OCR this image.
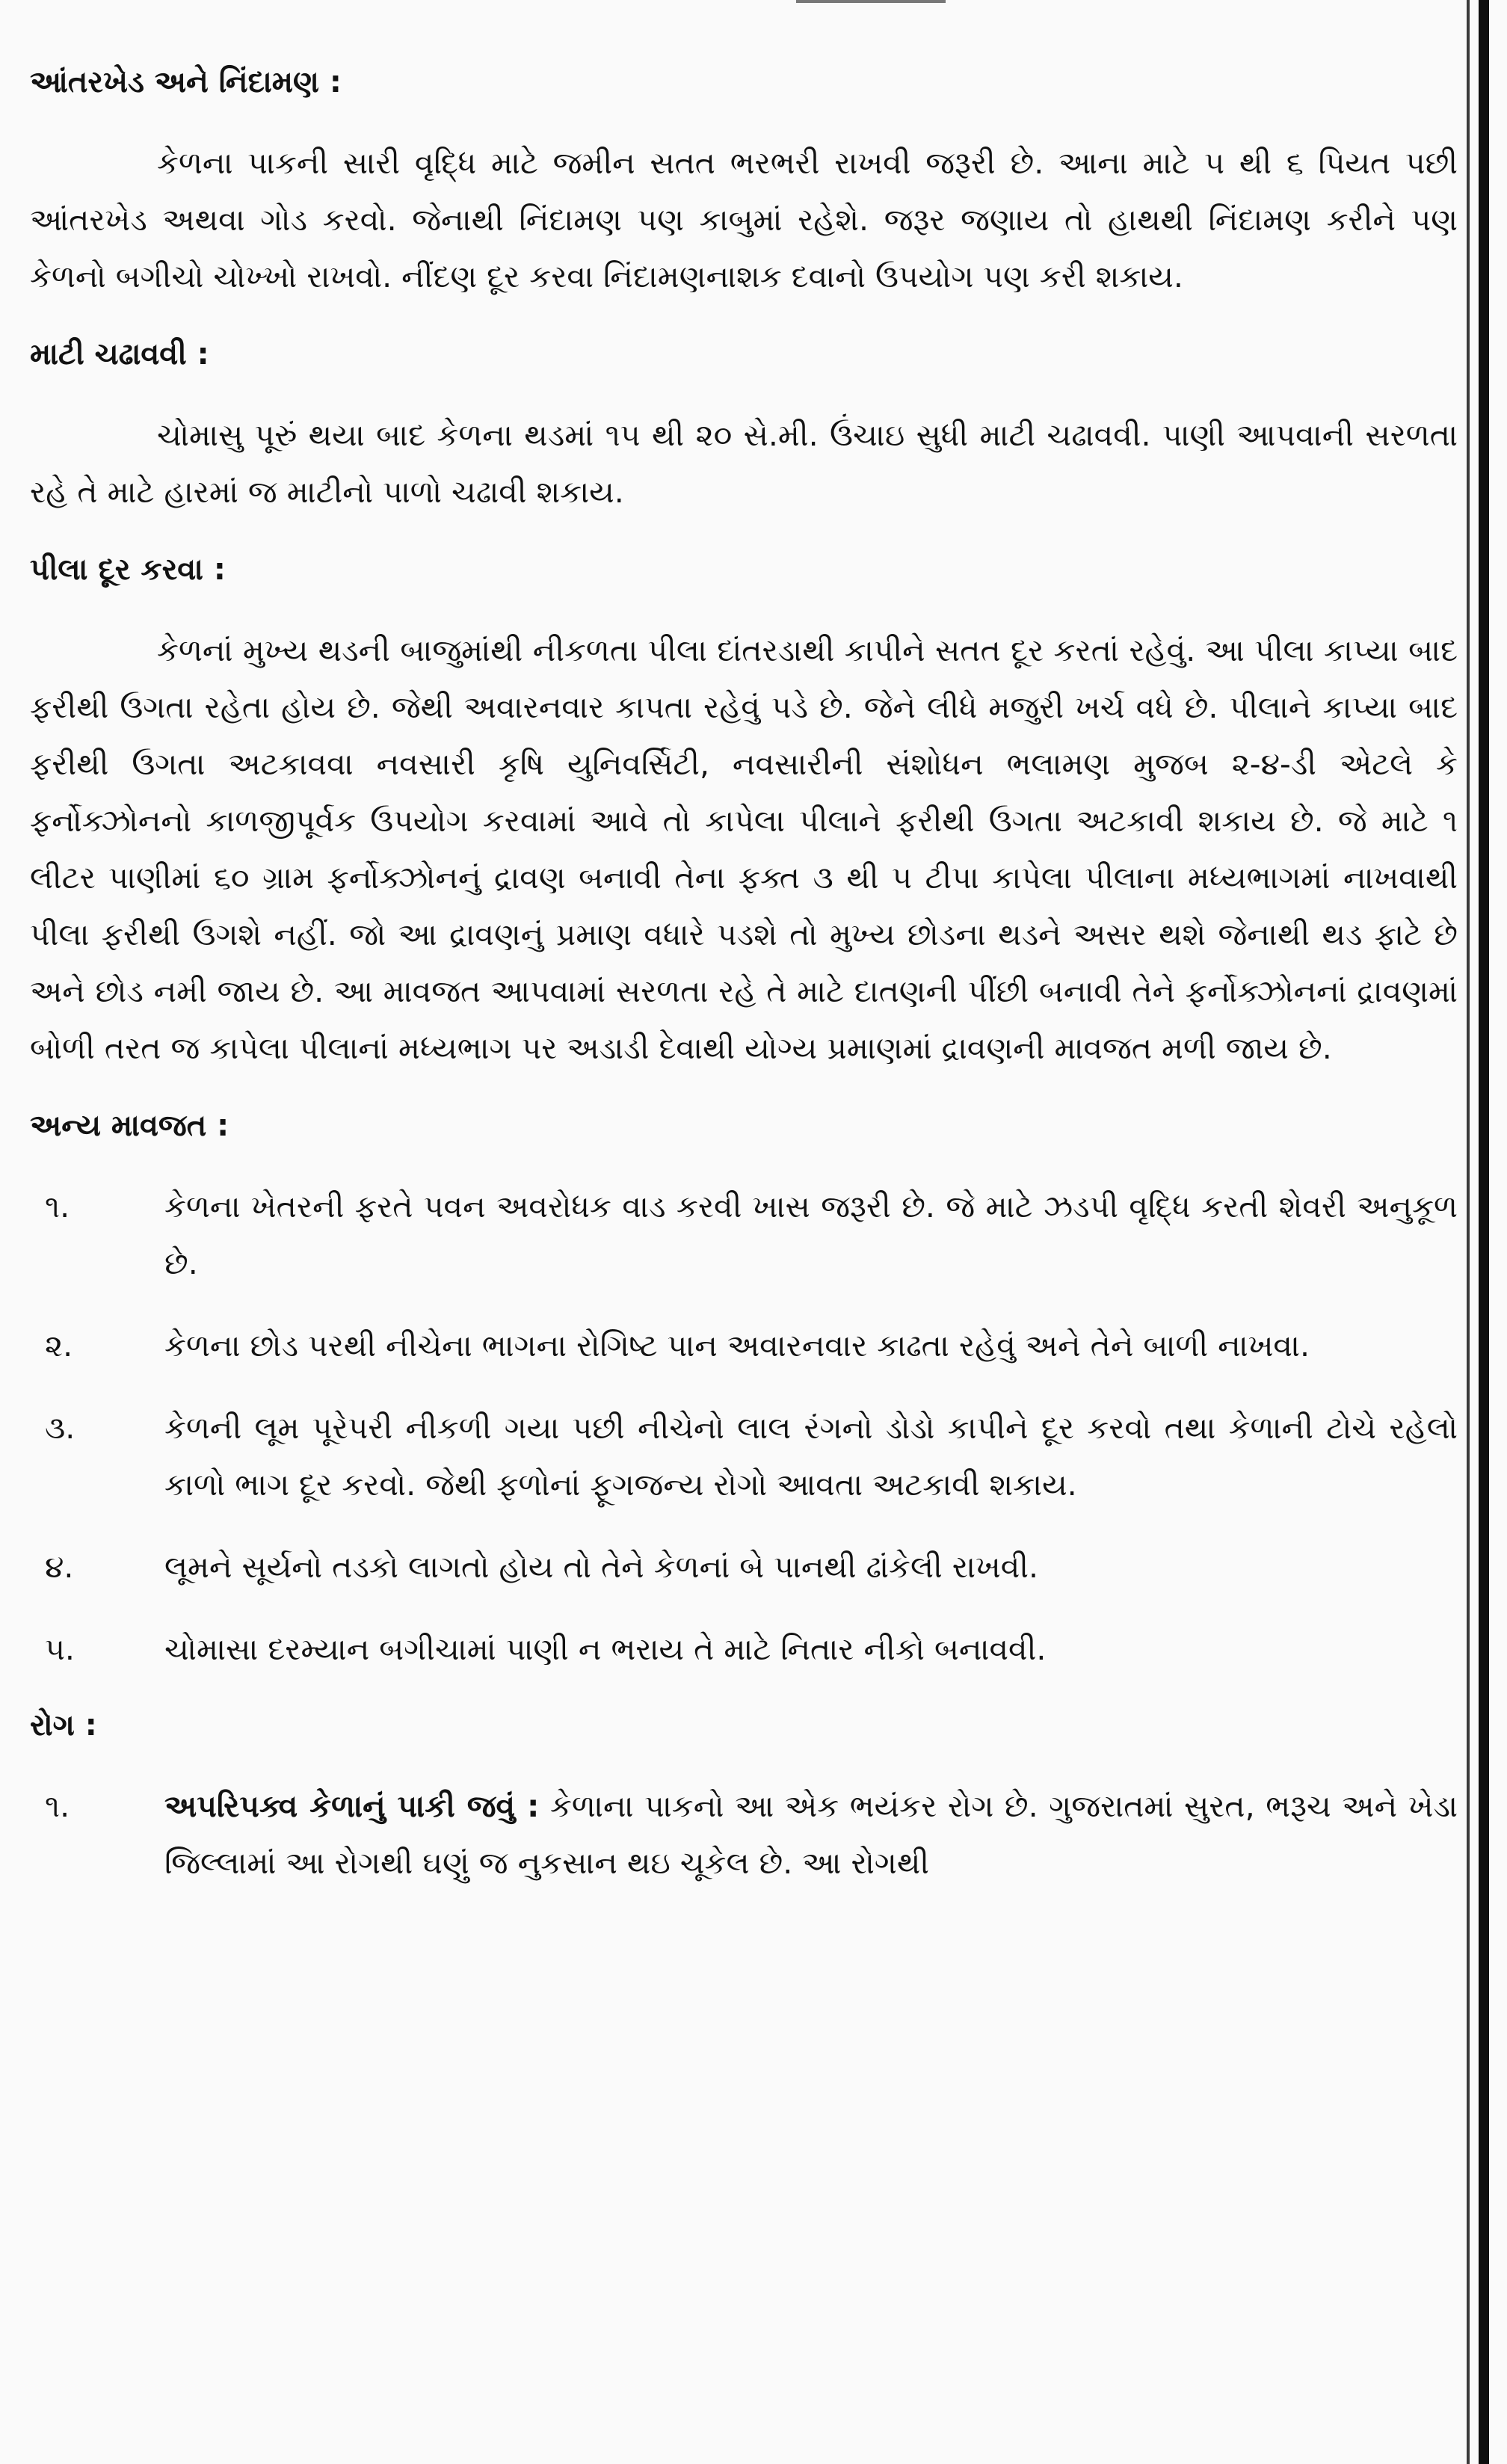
આંતરખેડ અને નિંદામણ :
કેળના પાકની સારી વૃદ્ધિ માટે જમીન સતત ભરભરી રાખવી જરૂરી છે. આના માટે ૫ થી ૬ પિયત પછી આંતરખેડ અથવા ગોડ કરવો. જેનાથી નિંદામણ પણ કાબુમાં રહેશે. જરૂર જણાય તો હાથથી નિંદામણ કરીને પણ કેળનો બગીચો ચોખ્ખો રાખવો. નીંદણ દૂર કરવા નિંદામણનાશક દવાનો ઉપયોગ પણ કરી શકાય.
માટી ચઢાવવી :
ચોમાસુ પૂરું થયા બાદ કેળના થડમાં ૧૫ થી ૨૦ સે.મી. ઉંચાઇ સુધી માટી ચઢાવવી. પાણી આપવાની સરળતા રહે તે માટે હારમાં જ માટીનો પાળો ચઢાવી શકાય.
પીલા દૂર કરવા :
કેળનાં મુખ્ય થડની બાજુમાંથી નીકળતા પીલા દાંતરડાથી કાપીને સતત દૂર કરતાં રહેવું. આ પીલા કાપ્યા બાદ ફરીથી ઉગતા રહેતા હોય છે. જેથી અવારનવાર કાપતા રહેવું પડે છે. જેને લીધે મજુરી ખર્ચ વધે છે. પીલાને કાપ્યા બાદ ફરીથી ઉગતા અટકાવવા નવસારી કૃષિ યુનિવર્સિટી, નવસારીની સંશોધન ભલામણ મુજબ ૨-૪-ડી એટલે કે ફર્નોક્ઝોનનો કાળજીપૂર્વક ઉપયોગ કરવામાં આવે તો કાપેલા પીલાને ફરીથી ઉગતા અટકાવી શકાય છે. જે માટે ૧ લીટર પાણીમાં ૬૦ ગ્રામ ફર્નોક્ઝોનનું દ્રાવણ બનાવી તેના ફક્ત ૩ થી ૫ ટીપા કાપેલા પીલાના મધ્યભાગમાં નાખવાથી પીલા ફરીથી ઉગશે નહીં. જો આ દ્રાવણનું પ્રમાણ વધારે પડશે તો મુખ્ય છોડના થડને અસર થશે જેનાથી થડ ફાટે છે અને છોડ નમી જાય છે. આ માવજત આપવામાં સરળતા રહે તે માટે દાતણની પીંછી બનાવી તેને ફર્નોક્ઝોનનાં દ્રાવણમાં બોળી તરત જ કાપેલા પીલાનાં મધ્યભાગ પર અડાડી દેવાથી યોગ્ય પ્રમાણમાં દ્રાવણની માવજત મળી જાય છે.
અન્ય માવજત :
૧.	કેળના ખેતરની ફરતે પવન અવરોધક વાડ કરવી ખાસ જરૂરી છે. જે માટે ઝડપી વૃદ્ધિ કરતી શેવરી અનુકૂળ છે.
૨.	કેળના છોડ પરથી નીચેના ભાગના રોગિષ્ટ પાન અવારનવાર કાઢતા રહેવું અને તેને બાળી નાખવા.
૩.	કેળની લૂમ પૂરેપરી નીકળી ગયા પછી નીચેનો લાલ રંગનો ડોડો કાપીને દૂર કરવો તથા કેળાની ટોચે રહેલો કાળો ભાગ દૂર કરવો. જેથી ફળોનાં ફૂગજન્ય રોગો આવતા અટકાવી શકાય.
૪.	લૂમને સૂર્યનો તડકો લાગતો હોય તો તેને કેળનાં બે પાનથી ઢાંકેલી રાખવી.
૫.	ચોમાસા દરમ્યાન બગીચામાં પાણી ન ભરાય તે માટે નિતાર નીકો બનાવવી.
રોગ :
૧.	અપરિપક્વ કેળાનું પાકી જવું : કેળાના પાકનો આ એક ભયંકર રોગ છે. ગુજરાતમાં સુરત, ભરૂચ અને ખેડા જિલ્લામાં આ રોગથી ઘણું જ નુકસાન થઇ ચૂકેલ છે. આ રોગથી
